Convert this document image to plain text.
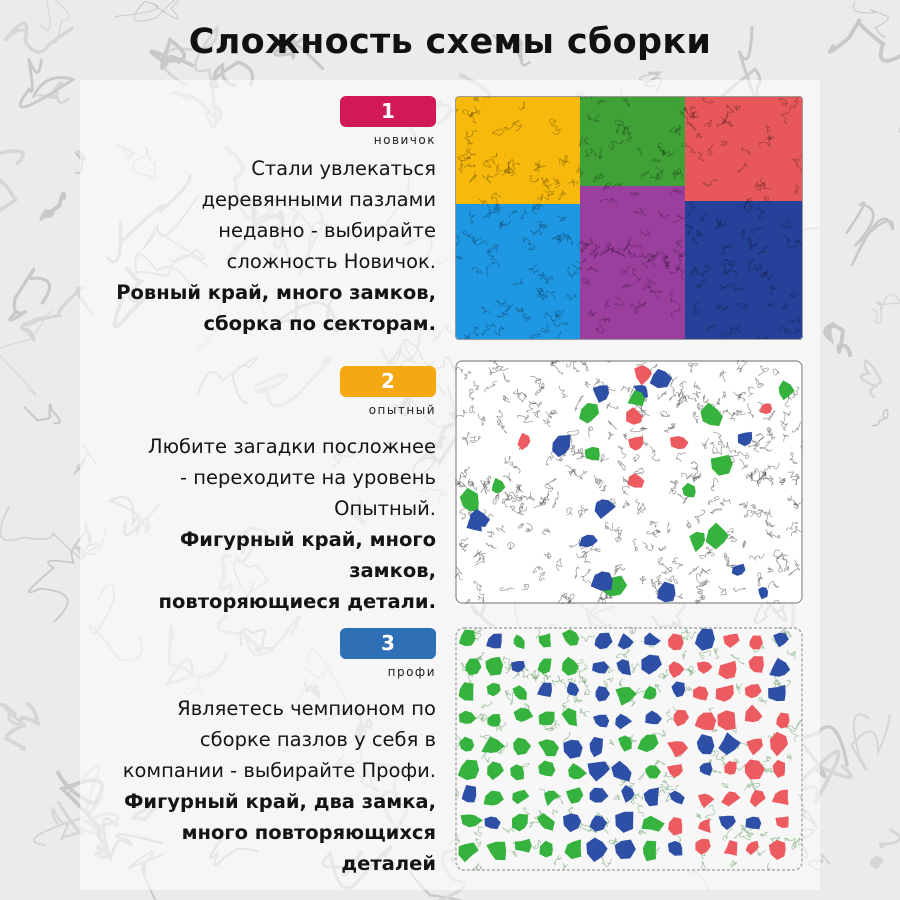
Сложность схемы сборки
1
новичок
Стали увлекаться
деревянными пазлами
недавно - выбирайте
сложность Новичок.
Ровный край, много замков,
сборка по секторам.
2
опытный
Любите загадки посложнее
- переходите на уровень
Опытный.
Фигурный край, много замков,
повторяющиеся детали.
3
профи
Являетесь чемпионом по
сборке пазлов у себя в
компании - выбирайте Профи.
Фигурный край, два замка,
много повторяющихся
деталей
